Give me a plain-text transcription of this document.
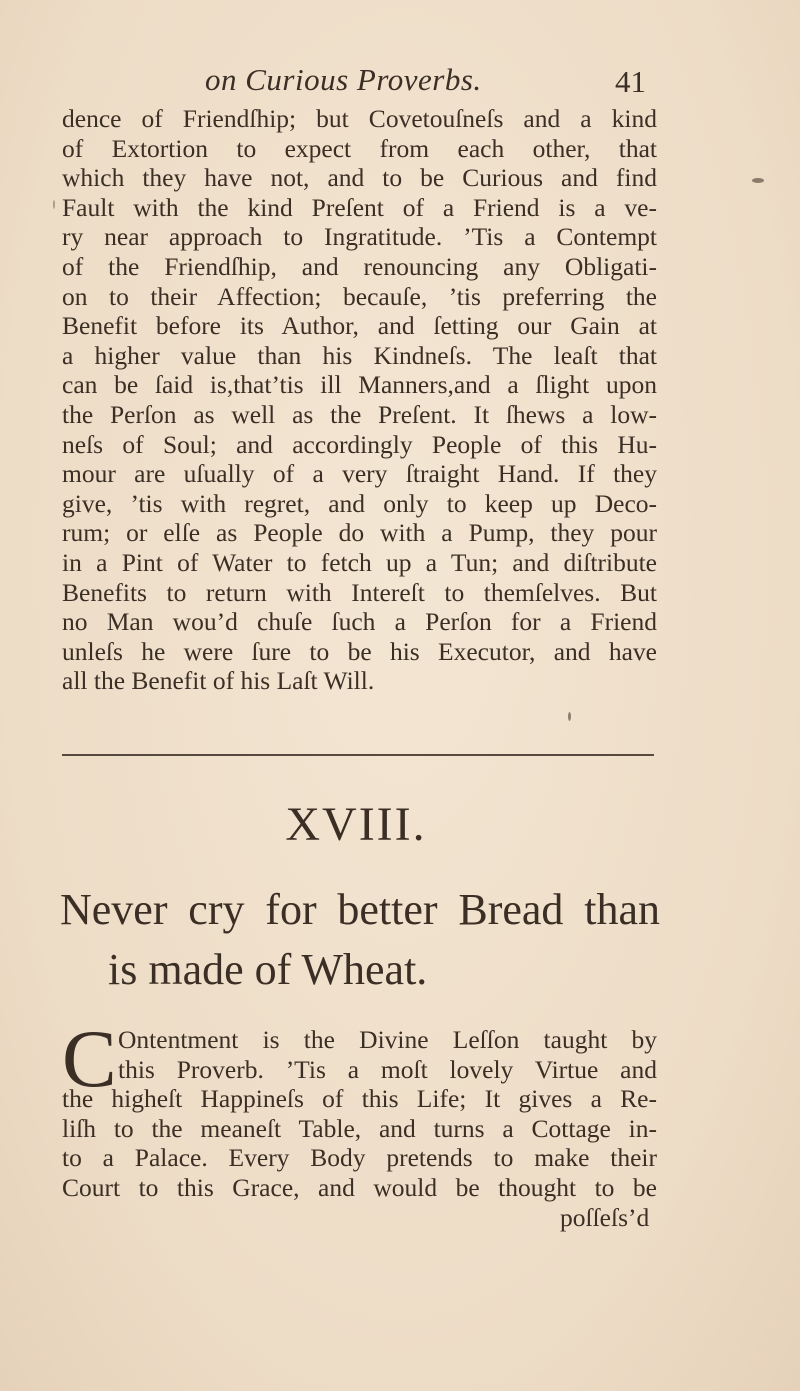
on Curious Proverbs.	41
dence of Friendſhip; but Covetouſneſs and a kind
of Extortion to expect from each other, that
which they have not, and to be Curious and find
Fault with the kind Preſent of a Friend is a ve-
ry near approach to Ingratitude. ’Tis a Contempt
of the Friendſhip, and renouncing any Obligati-
on to their Affection; becauſe, ’tis preferring the
Benefit before its Author, and ſetting our Gain at
a higher value than his Kindneſs. The leaſt that
can be ſaid is,that’tis ill Manners,and a ſlight upon
the Perſon as well as the Preſent. It ſhews a low-
neſs of Soul; and accordingly People of this Hu-
mour are uſually of a very ſtraight Hand. If they
give, ’tis with regret, and only to keep up Deco-
rum; or elſe as People do with a Pump, they pour
in a Pint of Water to fetch up a Tun; and diſtribute
Benefits to return with Intereſt to themſelves. But
no Man wou’d chuſe ſuch a Perſon for a Friend
unleſs he were ſure to be his Executor, and have
all the Benefit of his Laſt Will.
XVIII.
Never cry for better Bread than
is made of Wheat.
C Ontentment is the Divine Leſſon taught by
this Proverb. ’Tis a moſt lovely Virtue and
the higheſt Happineſs of this Life; It gives a Re-
liſh to the meaneſt Table, and turns a Cottage in-
to a Palace. Every Body pretends to make their
Court to this Grace, and would be thought to be
poſſeſs’d
